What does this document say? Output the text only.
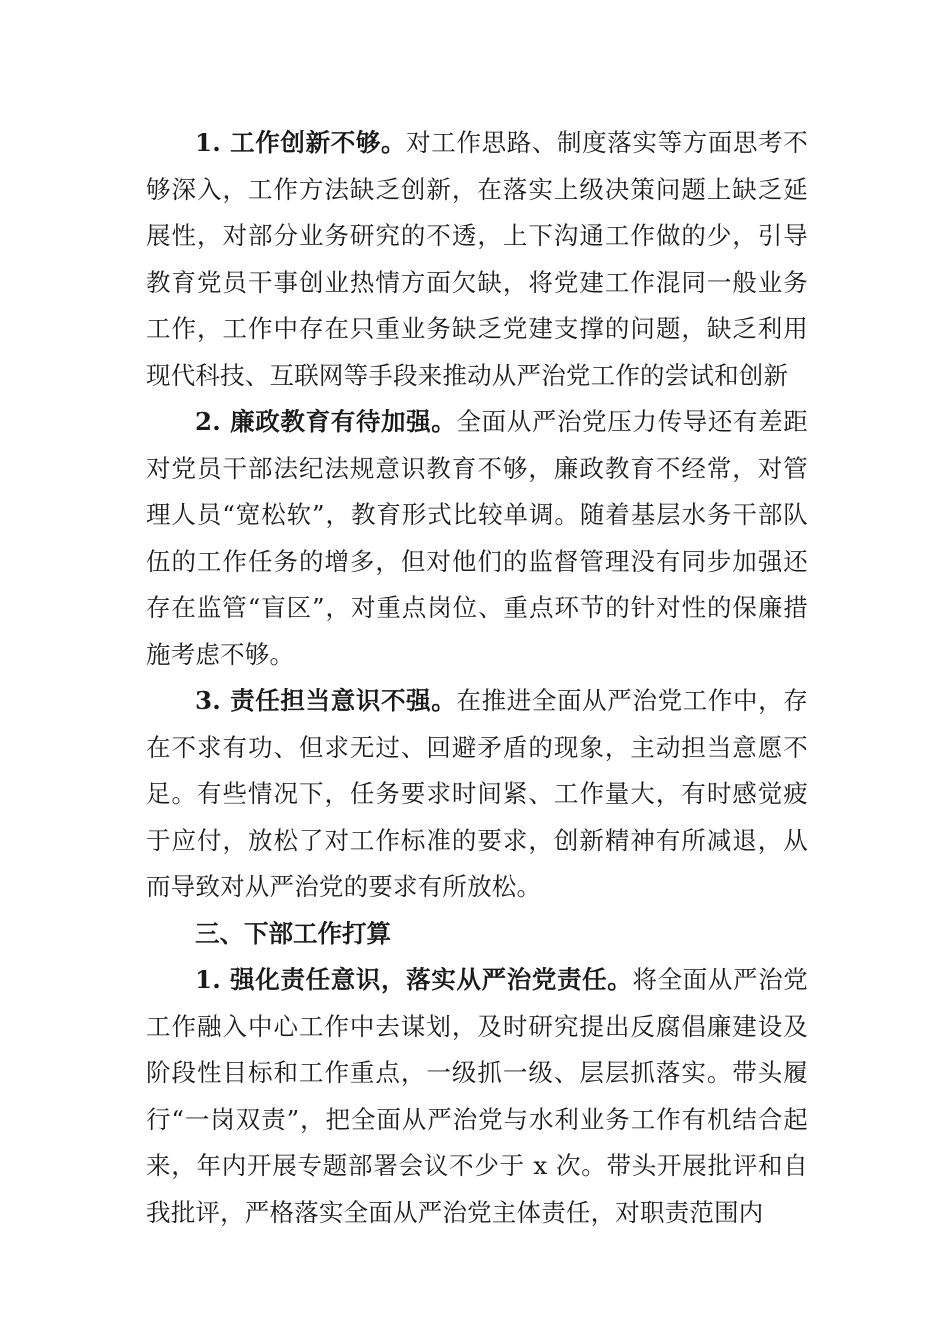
1. 工作创新不够。对工作思路、制度落实等方面思考不够深入，工作方法缺乏创新，在落实上级决策问题上缺乏延展性，对部分业务研究的不透，上下沟通工作做的少，引导教育党员干事创业热情方面欠缺，将党建工作混同一般业务工作，工作中存在只重业务缺乏党建支撑的问题，缺乏利用现代科技、互联网等手段来推动从严治党工作的尝试和创新

2. 廉政教育有待加强。全面从严治党压力传导还有差距对党员干部法纪法规意识教育不够，廉政教育不经常，对管理人员“宽松软”，教育形式比较单调。随着基层水务干部队伍的工作任务的增多，但对他们的监督管理没有同步加强还存在监管“盲区”，对重点岗位、重点环节的针对性的保廉措施考虑不够。

3. 责任担当意识不强。在推进全面从严治党工作中，存在不求有功、但求无过、回避矛盾的现象，主动担当意愿不足。有些情况下，任务要求时间紧、工作量大，有时感觉疲于应付，放松了对工作标准的要求，创新精神有所减退，从而导致对从严治党的要求有所放松。

三、下部工作打算

1. 强化责任意识，落实从严治党责任。将全面从严治党工作融入中心工作中去谋划，及时研究提出反腐倡廉建设及阶段性目标和工作重点，一级抓一级、层层抓落实。带头履行“一岗双责”，把全面从严治党与水利业务工作有机结合起来，年内开展专题部署会议不少于 x 次。带头开展批评和自我批评，严格落实全面从严治党主体责任，对职责范围内
